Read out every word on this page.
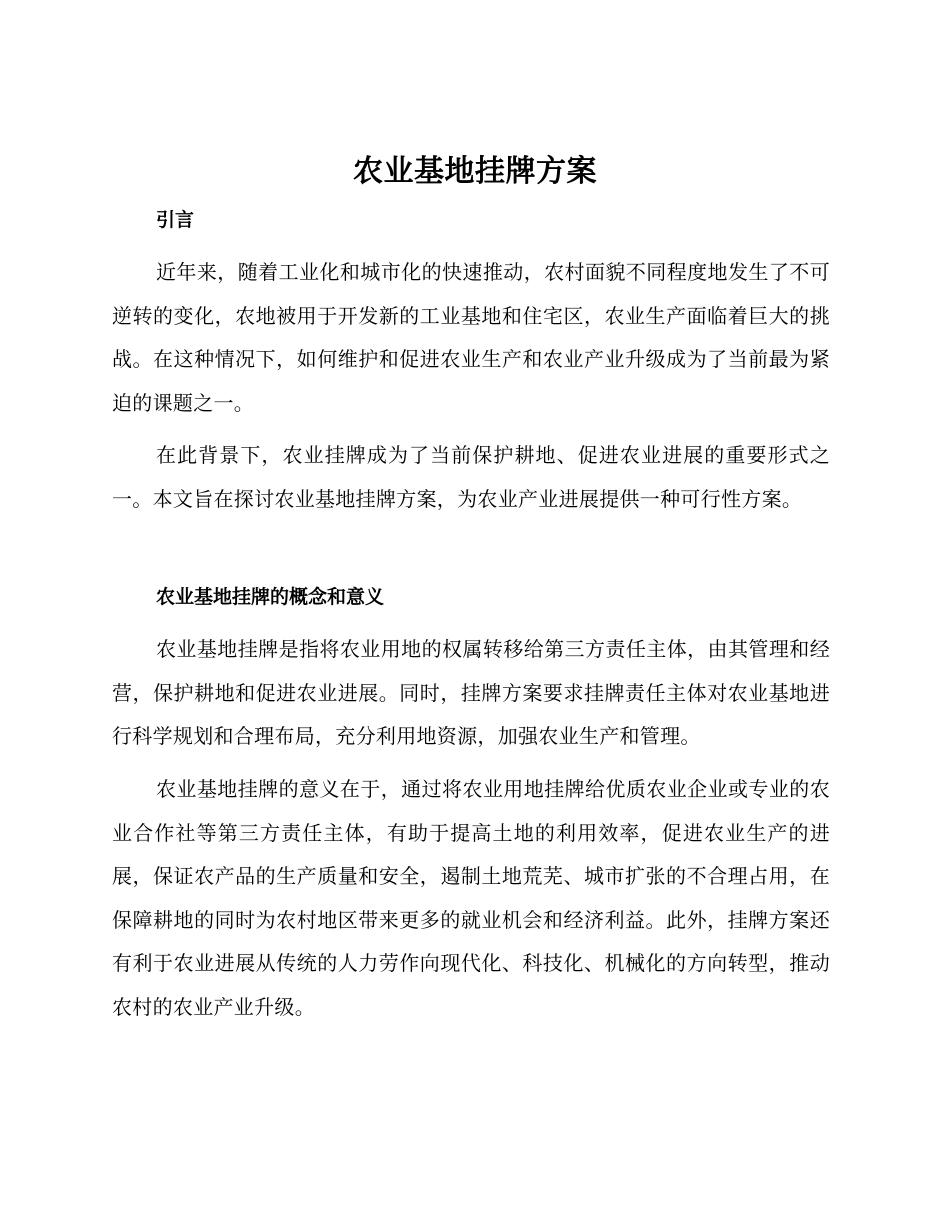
农业基地挂牌方案
引言

近年来，随着工业化和城市化的快速推动，农村面貌不同程度地发生了不可逆转的变化，农地被用于开发新的工业基地和住宅区，农业生产面临着巨大的挑战。在这种情况下，如何维护和促进农业生产和农业产业升级成为了当前最为紧迫的课题之一。

在此背景下，农业挂牌成为了当前保护耕地、促进农业进展的重要形式之一。本文旨在探讨农业基地挂牌方案，为农业产业进展提供一种可行性方案。

农业基地挂牌的概念和意义

农业基地挂牌是指将农业用地的权属转移给第三方责任主体，由其管理和经营，保护耕地和促进农业进展。同时，挂牌方案要求挂牌责任主体对农业基地进行科学规划和合理布局，充分利用地资源，加强农业生产和管理。

农业基地挂牌的意义在于，通过将农业用地挂牌给优质农业企业或专业的农业合作社等第三方责任主体，有助于提高土地的利用效率，促进农业生产的进展，保证农产品的生产质量和安全，遏制土地荒芜、城市扩张的不合理占用，在保障耕地的同时为农村地区带来更多的就业机会和经济利益。此外，挂牌方案还有利于农业进展从传统的人力劳作向现代化、科技化、机械化的方向转型，推动农村的农业产业升级。
